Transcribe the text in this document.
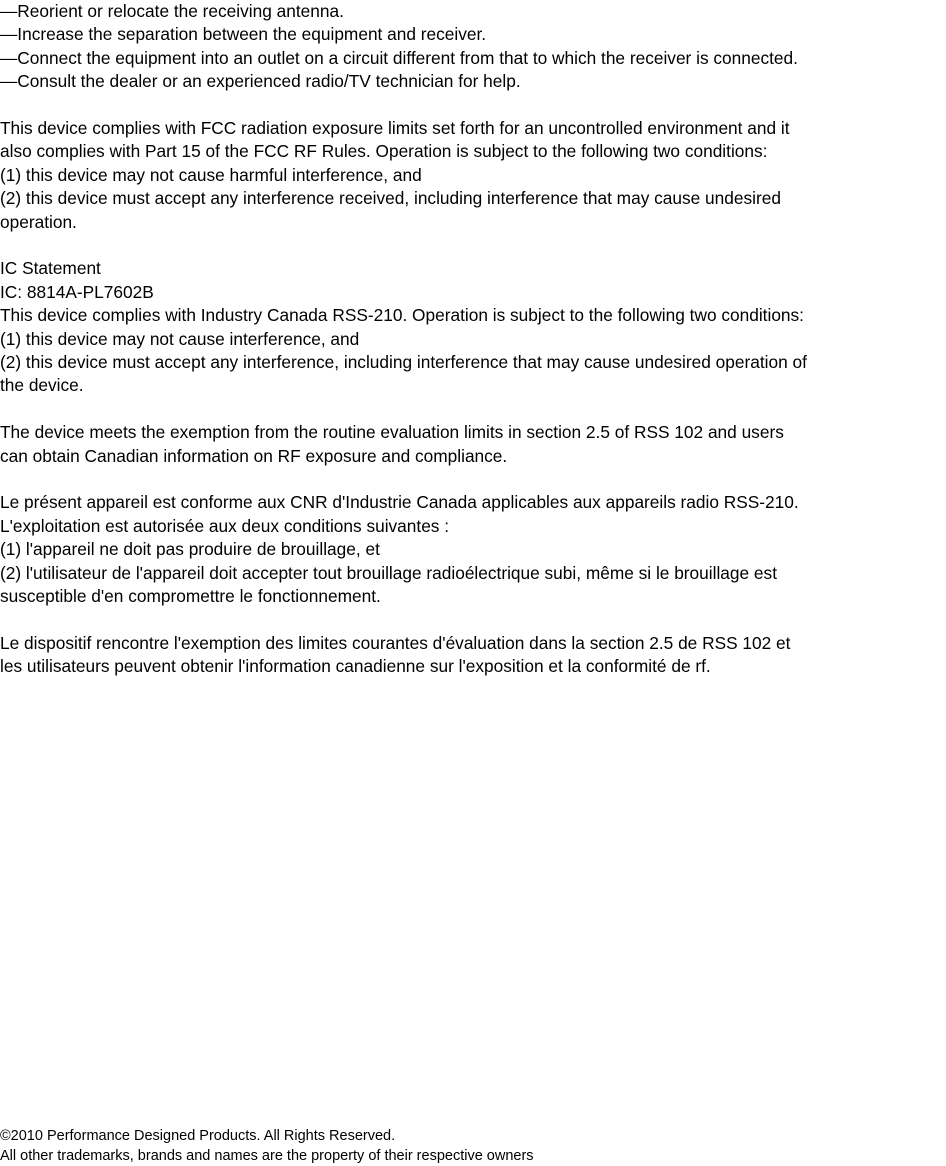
—Reorient or relocate the receiving antenna.
—Increase the separation between the equipment and receiver.
—Connect the equipment into an outlet on a circuit different from that to which the receiver is connected.
—Consult the dealer or an experienced radio/TV technician for help.
This device complies with FCC radiation exposure limits set forth for an uncontrolled environment and it
also complies with Part 15 of the FCC RF Rules. Operation is subject to the following two conditions:
(1) this device may not cause harmful interference, and
(2) this device must accept any interference received, including interference that may cause undesired
operation.
IC Statement
IC: 8814A-PL7602B
This device complies with Industry Canada RSS-210. Operation is subject to the following two conditions:
(1) this device may not cause interference, and
(2) this device must accept any interference, including interference that may cause undesired operation of
the device.
The device meets the exemption from the routine evaluation limits in section 2.5 of RSS 102 and users
can obtain Canadian information on RF exposure and compliance.
Le présent appareil est conforme aux CNR d'Industrie Canada applicables aux appareils radio RSS-210.
L'exploitation est autorisée aux deux conditions suivantes :
(1) l'appareil ne doit pas produire de brouillage, et
(2) l'utilisateur de l'appareil doit accepter tout brouillage radioélectrique subi, même si le brouillage est
susceptible d'en compromettre le fonctionnement.
Le dispositif rencontre l'exemption des limites courantes d'évaluation dans la section 2.5 de RSS 102 et
les utilisateurs peuvent obtenir l'information canadienne sur l'exposition et la conformité de rf.
©2010 Performance Designed Products. All Rights Reserved.
All other trademarks, brands and names are the property of their respective owners
